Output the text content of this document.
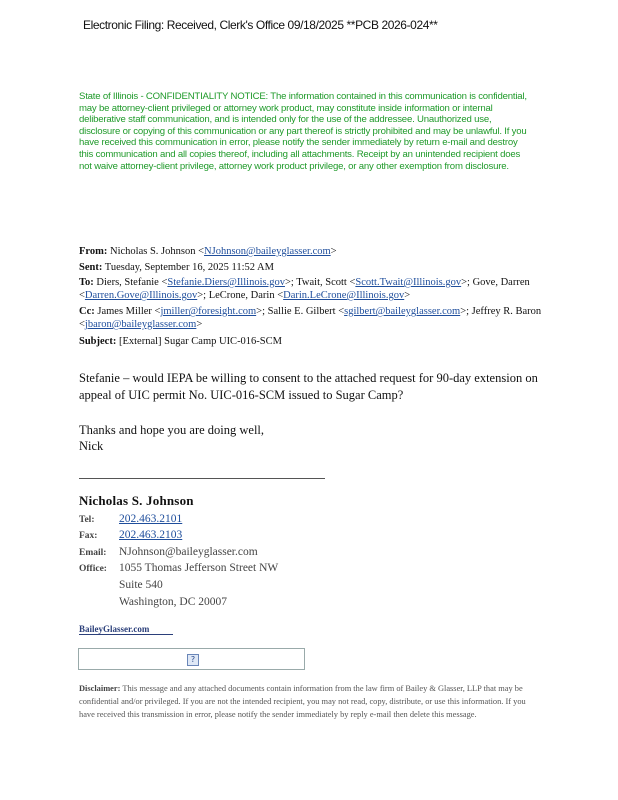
Electronic Filing: Received, Clerk's Office 09/18/2025 **PCB 2026-024**
State of Illinois - CONFIDENTIALITY NOTICE: The information contained in this communication is confidential, may be attorney-client privileged or attorney work product, may constitute inside information or internal deliberative staff communication, and is intended only for the use of the addressee. Unauthorized use, disclosure or copying of this communication or any part thereof is strictly prohibited and may be unlawful. If you have received this communication in error, please notify the sender immediately by return e-mail and destroy this communication and all copies thereof, including all attachments. Receipt by an unintended recipient does not waive attorney-client privilege, attorney work product privilege, or any other exemption from disclosure.
From: Nicholas S. Johnson <NJohnson@baileyglasser.com>
Sent: Tuesday, September 16, 2025 11:52 AM
To: Diers, Stefanie <Stefanie.Diers@Illinois.gov>; Twait, Scott <Scott.Twait@Illinois.gov>; Gove, Darren <Darren.Gove@Illinois.gov>; LeCrone, Darin <Darin.LeCrone@Illinois.gov>
Cc: James Miller <jmiller@foresight.com>; Sallie E. Gilbert <sgilbert@baileyglasser.com>; Jeffrey R. Baron <jbaron@baileyglasser.com>
Subject: [External] Sugar Camp UIC-016-SCM
Stefanie – would IEPA be willing to consent to the attached request for 90-day extension on appeal of UIC permit No. UIC-016-SCM issued to Sugar Camp?
Thanks and hope you are doing well,
Nick
Nicholas S. Johnson
Tel: 202.463.2101
Fax: 202.463.2103
Email: NJohnson@baileyglasser.com
Office:	1055 Thomas Jefferson Street NW
Suite 540
Washington, DC 20007
BaileyGlasser.com
?
Disclaimer: This message and any attached documents contain information from the law firm of Bailey & Glasser, LLP that may be confidential and/or privileged. If you are not the intended recipient, you may not read, copy, distribute, or use this information. If you have received this transmission in error, please notify the sender immediately by reply e-mail then delete this message.
